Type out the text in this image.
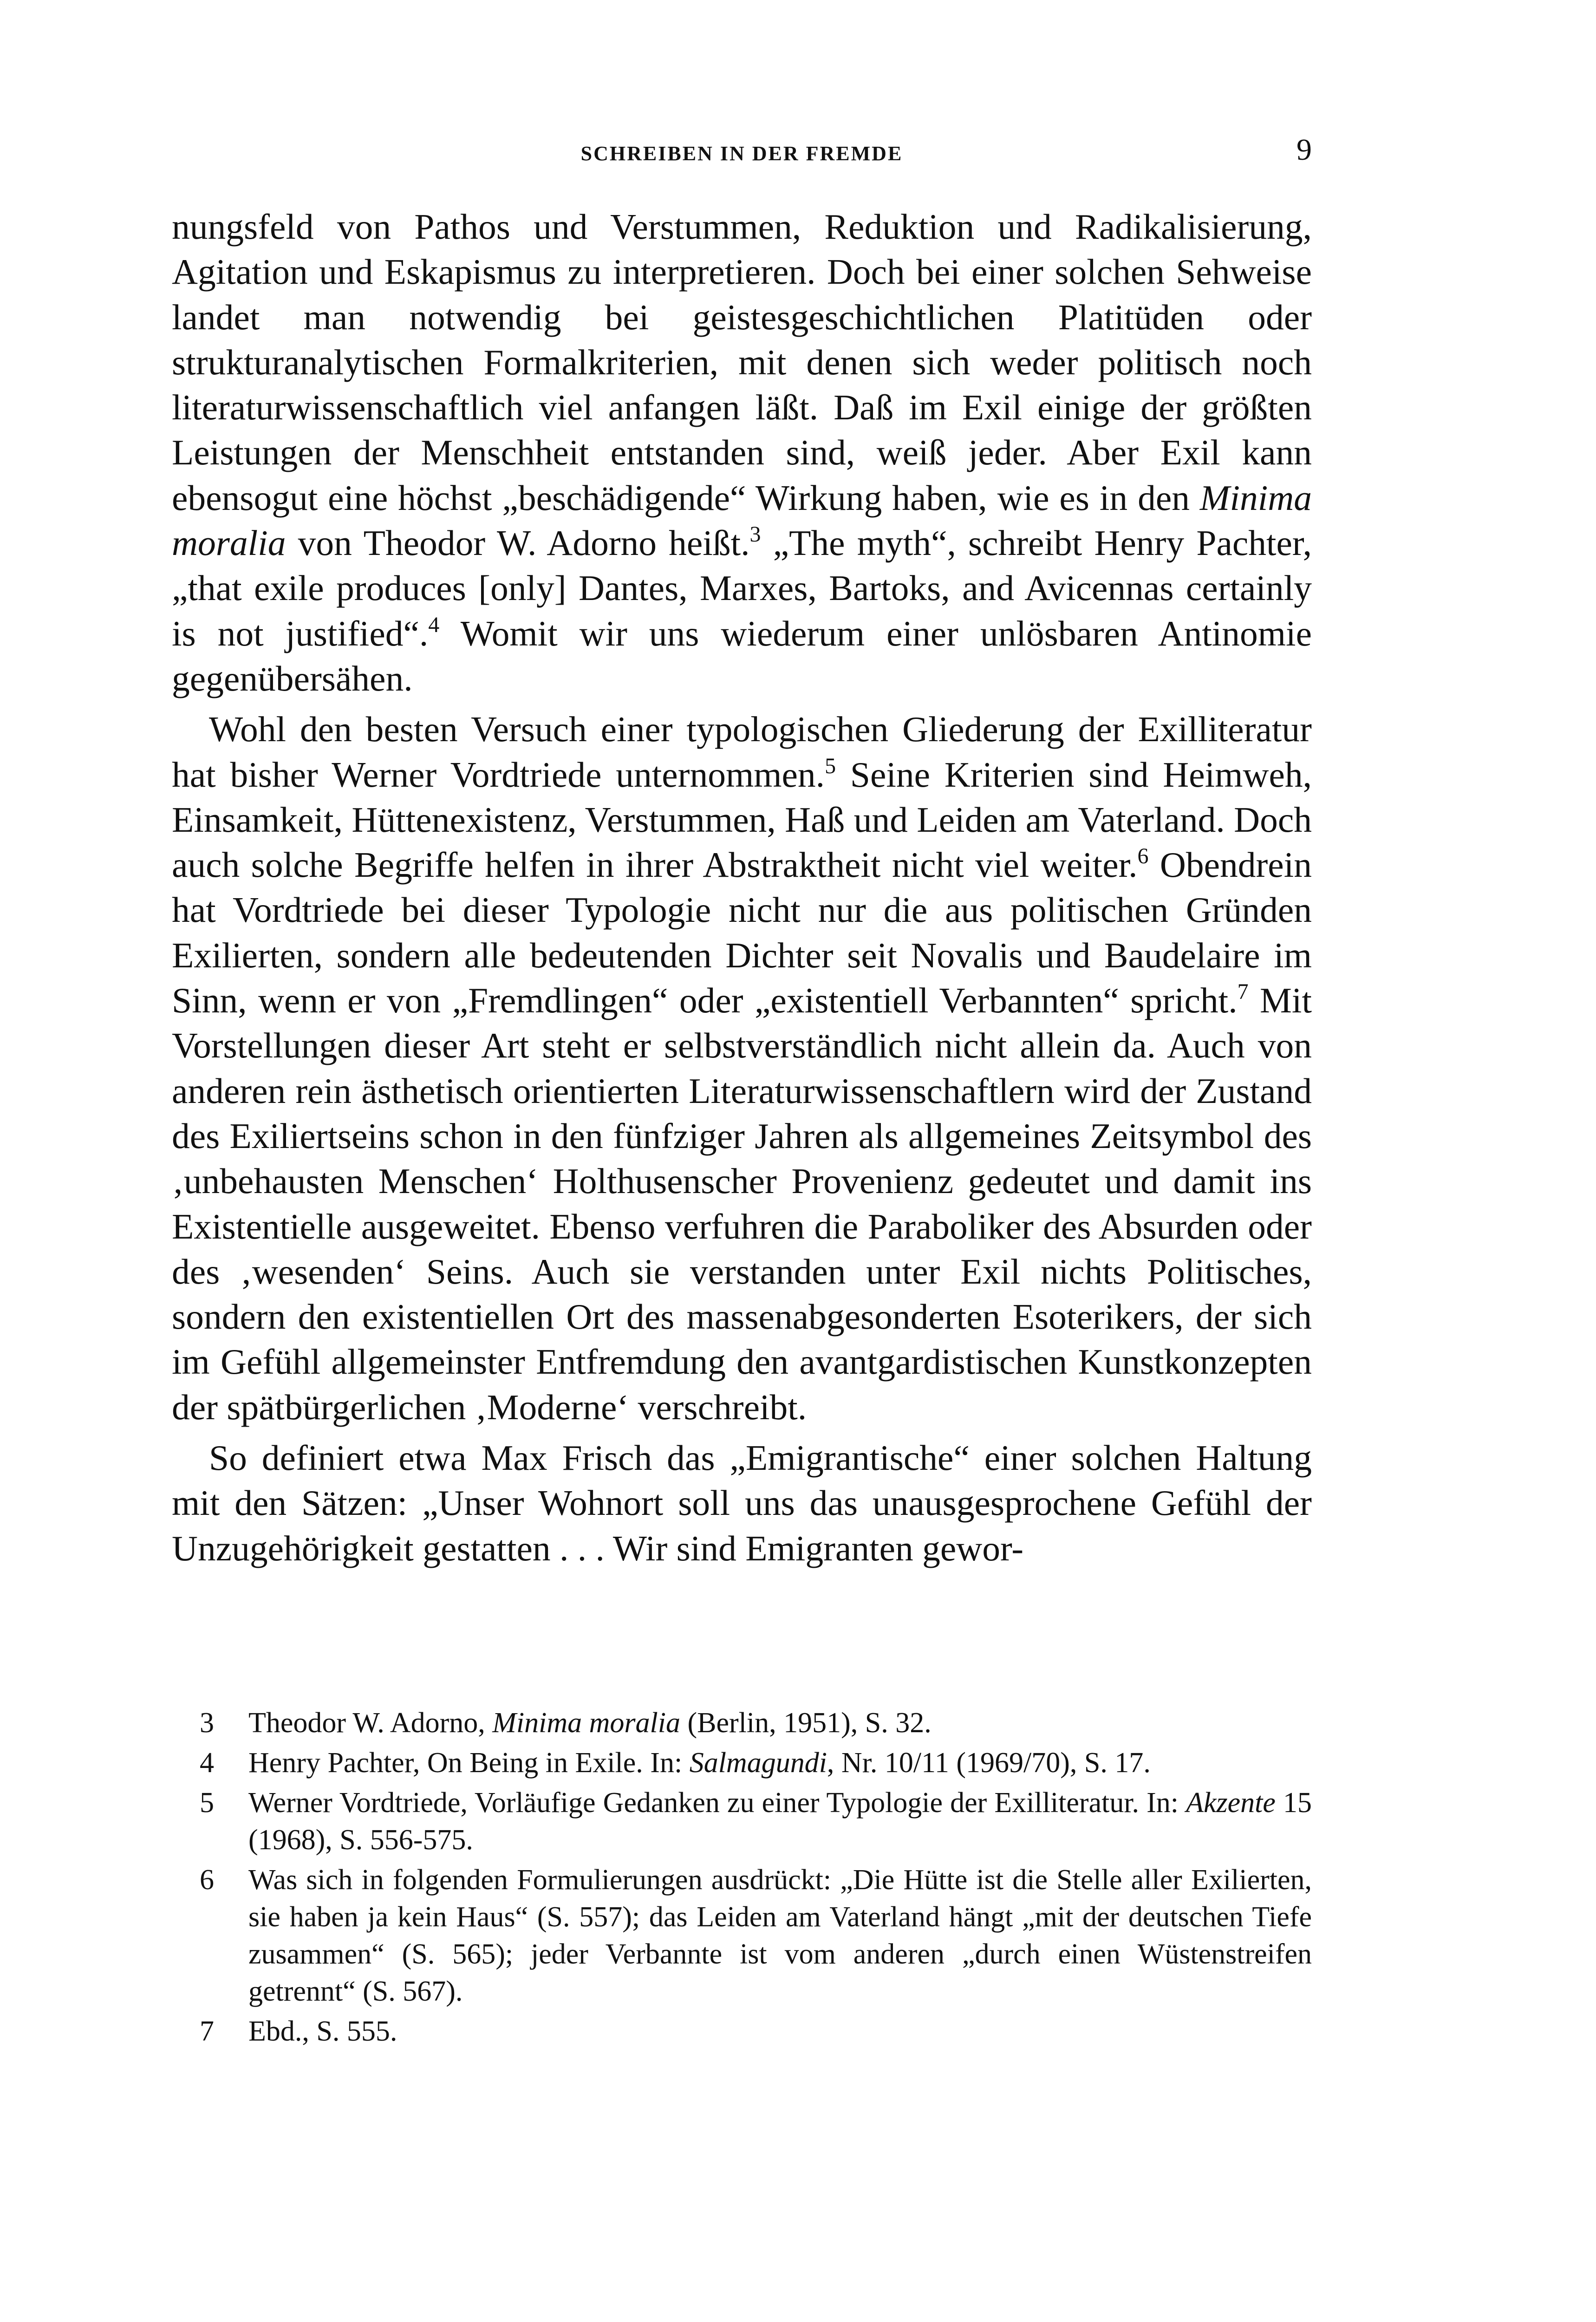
SCHREIBEN IN DER FREMDE	9

nungsfeld von Pathos und Verstummen, Reduktion und Radikalisierung, Agitation und Eskapismus zu interpretieren. Doch bei einer solchen Sehweise landet man notwendig bei geistesgeschichtlichen Platitüden oder strukturanalytischen Formalkriterien, mit denen sich weder politisch noch literaturwissenschaftlich viel anfangen läßt. Daß im Exil einige der größten Leistungen der Menschheit entstanden sind, weiß jeder. Aber Exil kann ebensogut eine höchst „beschädigende“ Wirkung haben, wie es in den Minima moralia von Theodor W. Adorno heißt.$^3$ „The myth“, schreibt Henry Pachter, „that exile produces [only] Dantes, Marxes, Bartoks, and Avicennas certainly is not justified“.$^4$ Womit wir uns wiederum einer unlösbaren Antinomie gegenübersähen.

Wohl den besten Versuch einer typologischen Gliederung der Exilliteratur hat bisher Werner Vordtriede unternommen.$^5$ Seine Kriterien sind Heimweh, Einsamkeit, Hüttenexistenz, Verstummen, Haß und Leiden am Vaterland. Doch auch solche Begriffe helfen in ihrer Abstraktheit nicht viel weiter.$^6$ Obendrein hat Vordtriede bei dieser Typologie nicht nur die aus politischen Gründen Exilierten, sondern alle bedeutenden Dichter seit Novalis und Baudelaire im Sinn, wenn er von „Fremdlingen“ oder „existentiell Verbannten“ spricht.$^7$ Mit Vorstellungen dieser Art steht er selbstverständlich nicht allein da. Auch von anderen rein ästhetisch orientierten Literaturwissenschaftlern wird der Zustand des Exiliertseins schon in den fünfziger Jahren als allgemeines Zeitsymbol des ‚unbehausten Menschen‘ Holthusenscher Provenienz gedeutet und damit ins Existentielle ausgeweitet. Ebenso verfuhren die Paraboliker des Absurden oder des ‚wesenden‘ Seins. Auch sie verstanden unter Exil nichts Politisches, sondern den existentiellen Ort des massenabgesonderten Esoterikers, der sich im Gefühl allgemeinster Entfremdung den avantgardistischen Kunstkonzepten der spätbürgerlichen ‚Moderne‘ verschreibt.

So definiert etwa Max Frisch das „Emigrantische“ einer solchen Haltung mit den Sätzen: „Unser Wohnort soll uns das unausgesprochene Gefühl der Unzugehörigkeit gestatten . . . Wir sind Emigranten gewor-

3 Theodor W. Adorno, Minima moralia (Berlin, 1951), S. 32.
4 Henry Pachter, On Being in Exile. In: Salmagundi, Nr. 10/11 (1969/70), S. 17.
5 Werner Vordtriede, Vorläufige Gedanken zu einer Typologie der Exilliteratur. In: Akzente 15 (1968), S. 556-575.
6 Was sich in folgenden Formulierungen ausdrückt: „Die Hütte ist die Stelle aller Exilierten, sie haben ja kein Haus“ (S. 557); das Leiden am Vaterland hängt „mit der deutschen Tiefe zusammen“ (S. 565); jeder Verbannte ist vom anderen „durch einen Wüstenstreifen getrennt“ (S. 567).
7 Ebd., S. 555.
